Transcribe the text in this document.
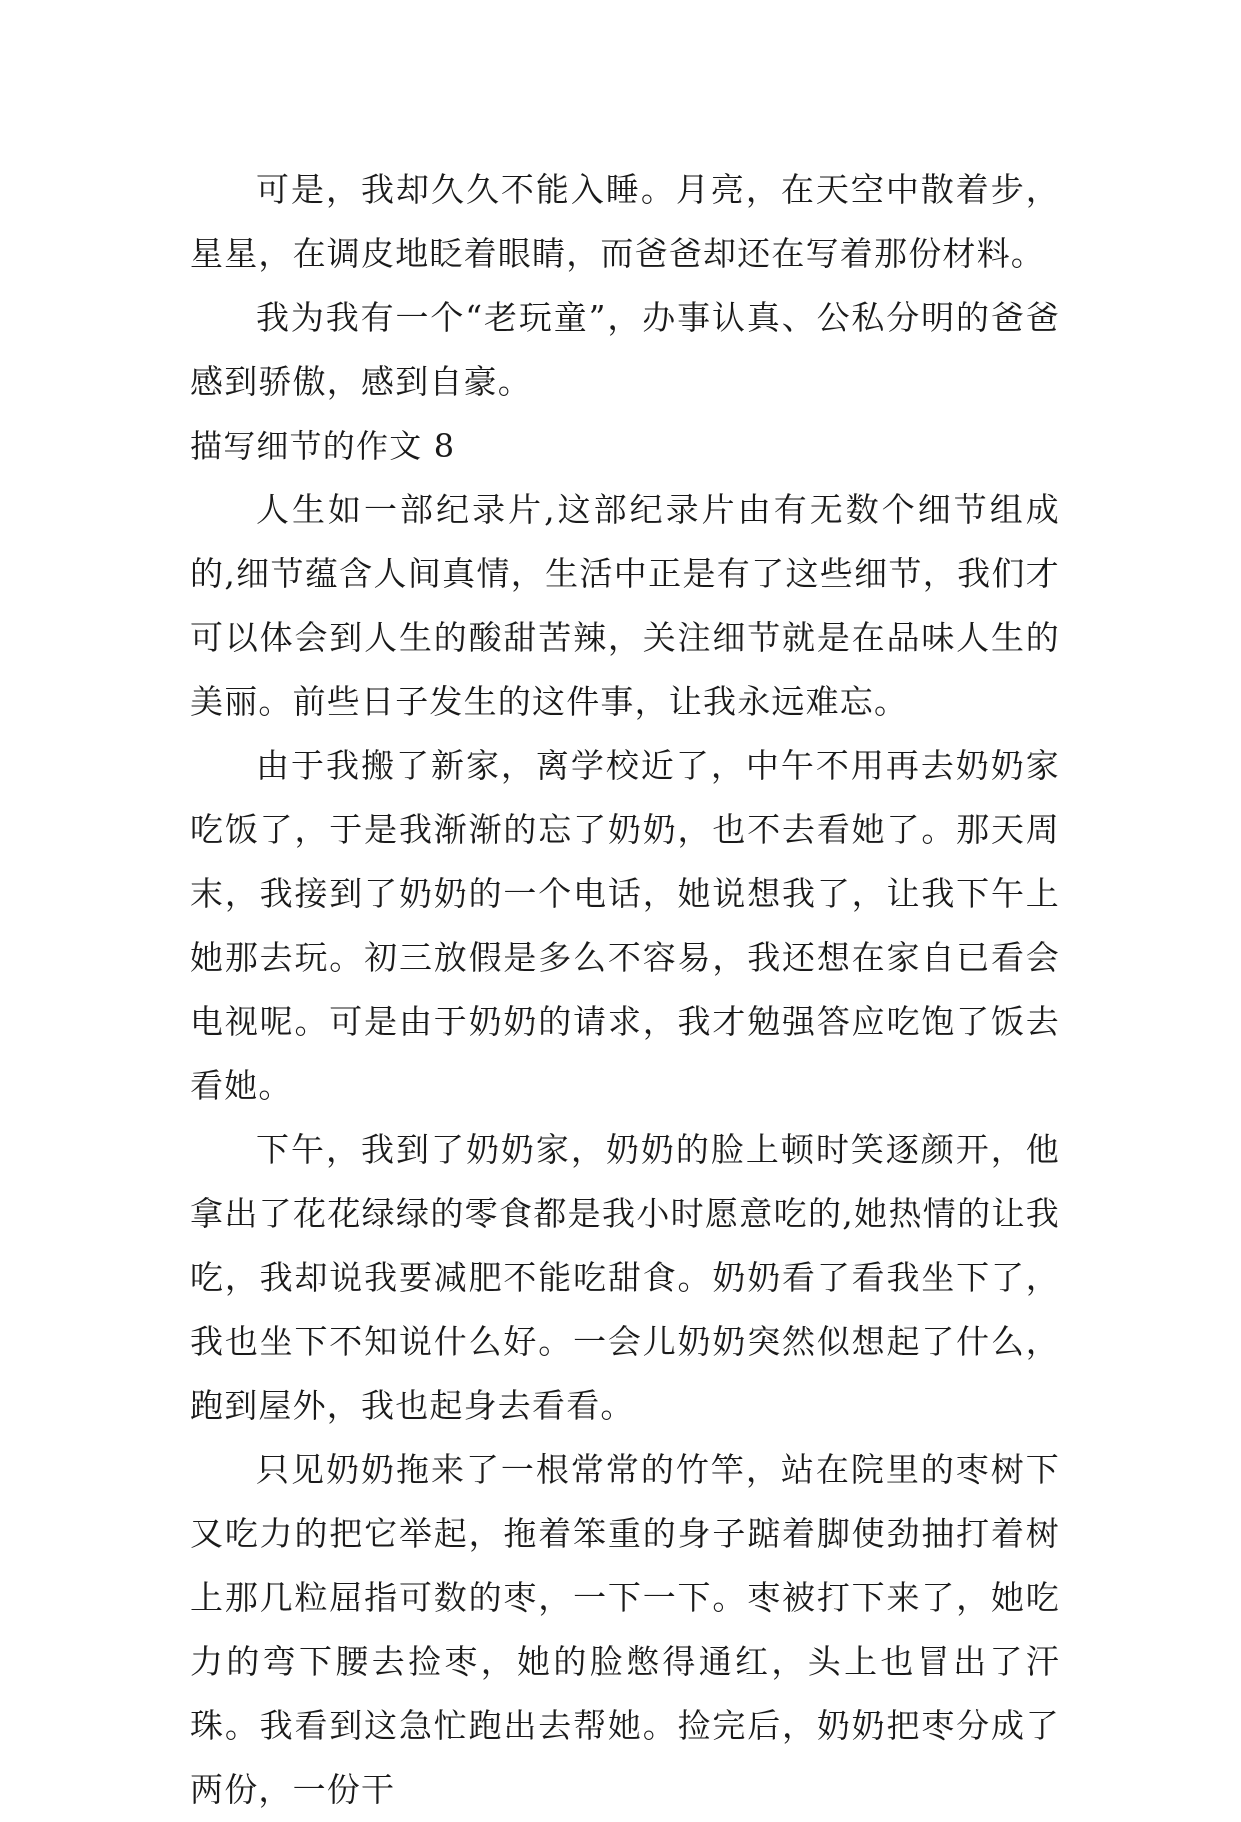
可是，我却久久不能入睡。月亮，在天空中散着步，星星，在调皮地眨着眼睛，而爸爸却还在写着那份材料。

我为我有一个“老玩童”，办事认真、公私分明的爸爸感到骄傲，感到自豪。

描写细节的作文 8

人生如一部纪录片,这部纪录片由有无数个细节组成的,细节蕴含人间真情，生活中正是有了这些细节，我们才可以体会到人生的酸甜苦辣，关注细节就是在品味人生的美丽。前些日子发生的这件事，让我永远难忘。

由于我搬了新家，离学校近了，中午不用再去奶奶家吃饭了，于是我渐渐的忘了奶奶，也不去看她了。那天周末，我接到了奶奶的一个电话，她说想我了，让我下午上她那去玩。初三放假是多么不容易，我还想在家自已看会电视呢。可是由于奶奶的请求，我才勉强答应吃饱了饭去看她。

下午，我到了奶奶家，奶奶的脸上顿时笑逐颜开，他拿出了花花绿绿的零食都是我小时愿意吃的,她热情的让我吃，我却说我要减肥不能吃甜食。奶奶看了看我坐下了，我也坐下不知说什么好。一会儿奶奶突然似想起了什么，跑到屋外，我也起身去看看。

只见奶奶拖来了一根常常的竹竿，站在院里的枣树下又吃力的把它举起，拖着笨重的身子踮着脚使劲抽打着树上那几粒屈指可数的枣，一下一下。枣被打下来了，她吃力的弯下腰去捡枣，她的脸憋得通红，头上也冒出了汗珠。我看到这急忙跑出去帮她。捡完后，奶奶把枣分成了两份，一份干
